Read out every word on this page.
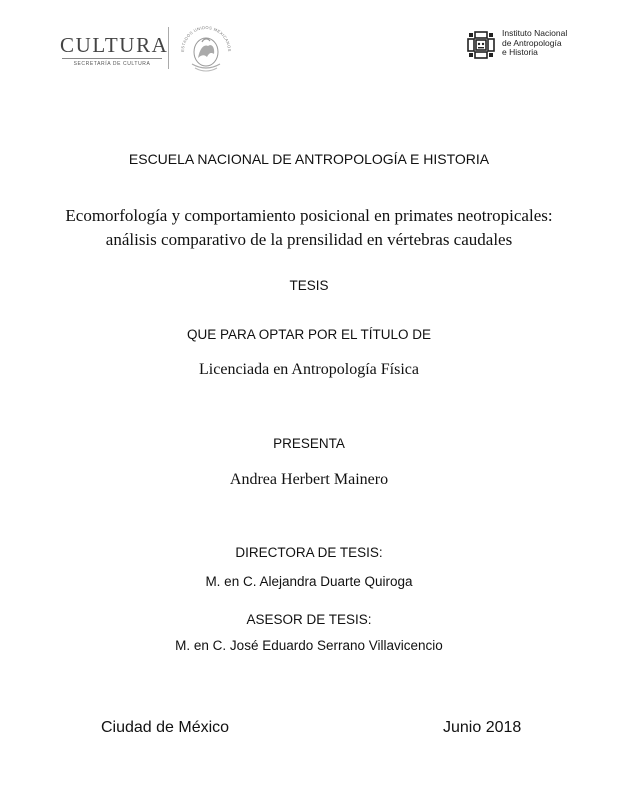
CULTURA
SECRETARÍA DE CULTURA
ESTADOS UNIDOS MEXICANOS
Instituto Nacional
de Antropología
e Historia
ESCUELA NACIONAL DE ANTROPOLOGÍA E HISTORIA
Ecomorfología y comportamiento posicional en primates neotropicales:
análisis comparativo de la prensilidad en vértebras caudales
TESIS
QUE PARA OPTAR POR EL TÍTULO DE
Licenciada en Antropología Física
PRESENTA
Andrea Herbert Mainero
DIRECTORA DE TESIS:
M. en C. Alejandra Duarte Quiroga
ASESOR DE TESIS:
M. en C. José Eduardo Serrano Villavicencio
Ciudad de México	Junio 2018
